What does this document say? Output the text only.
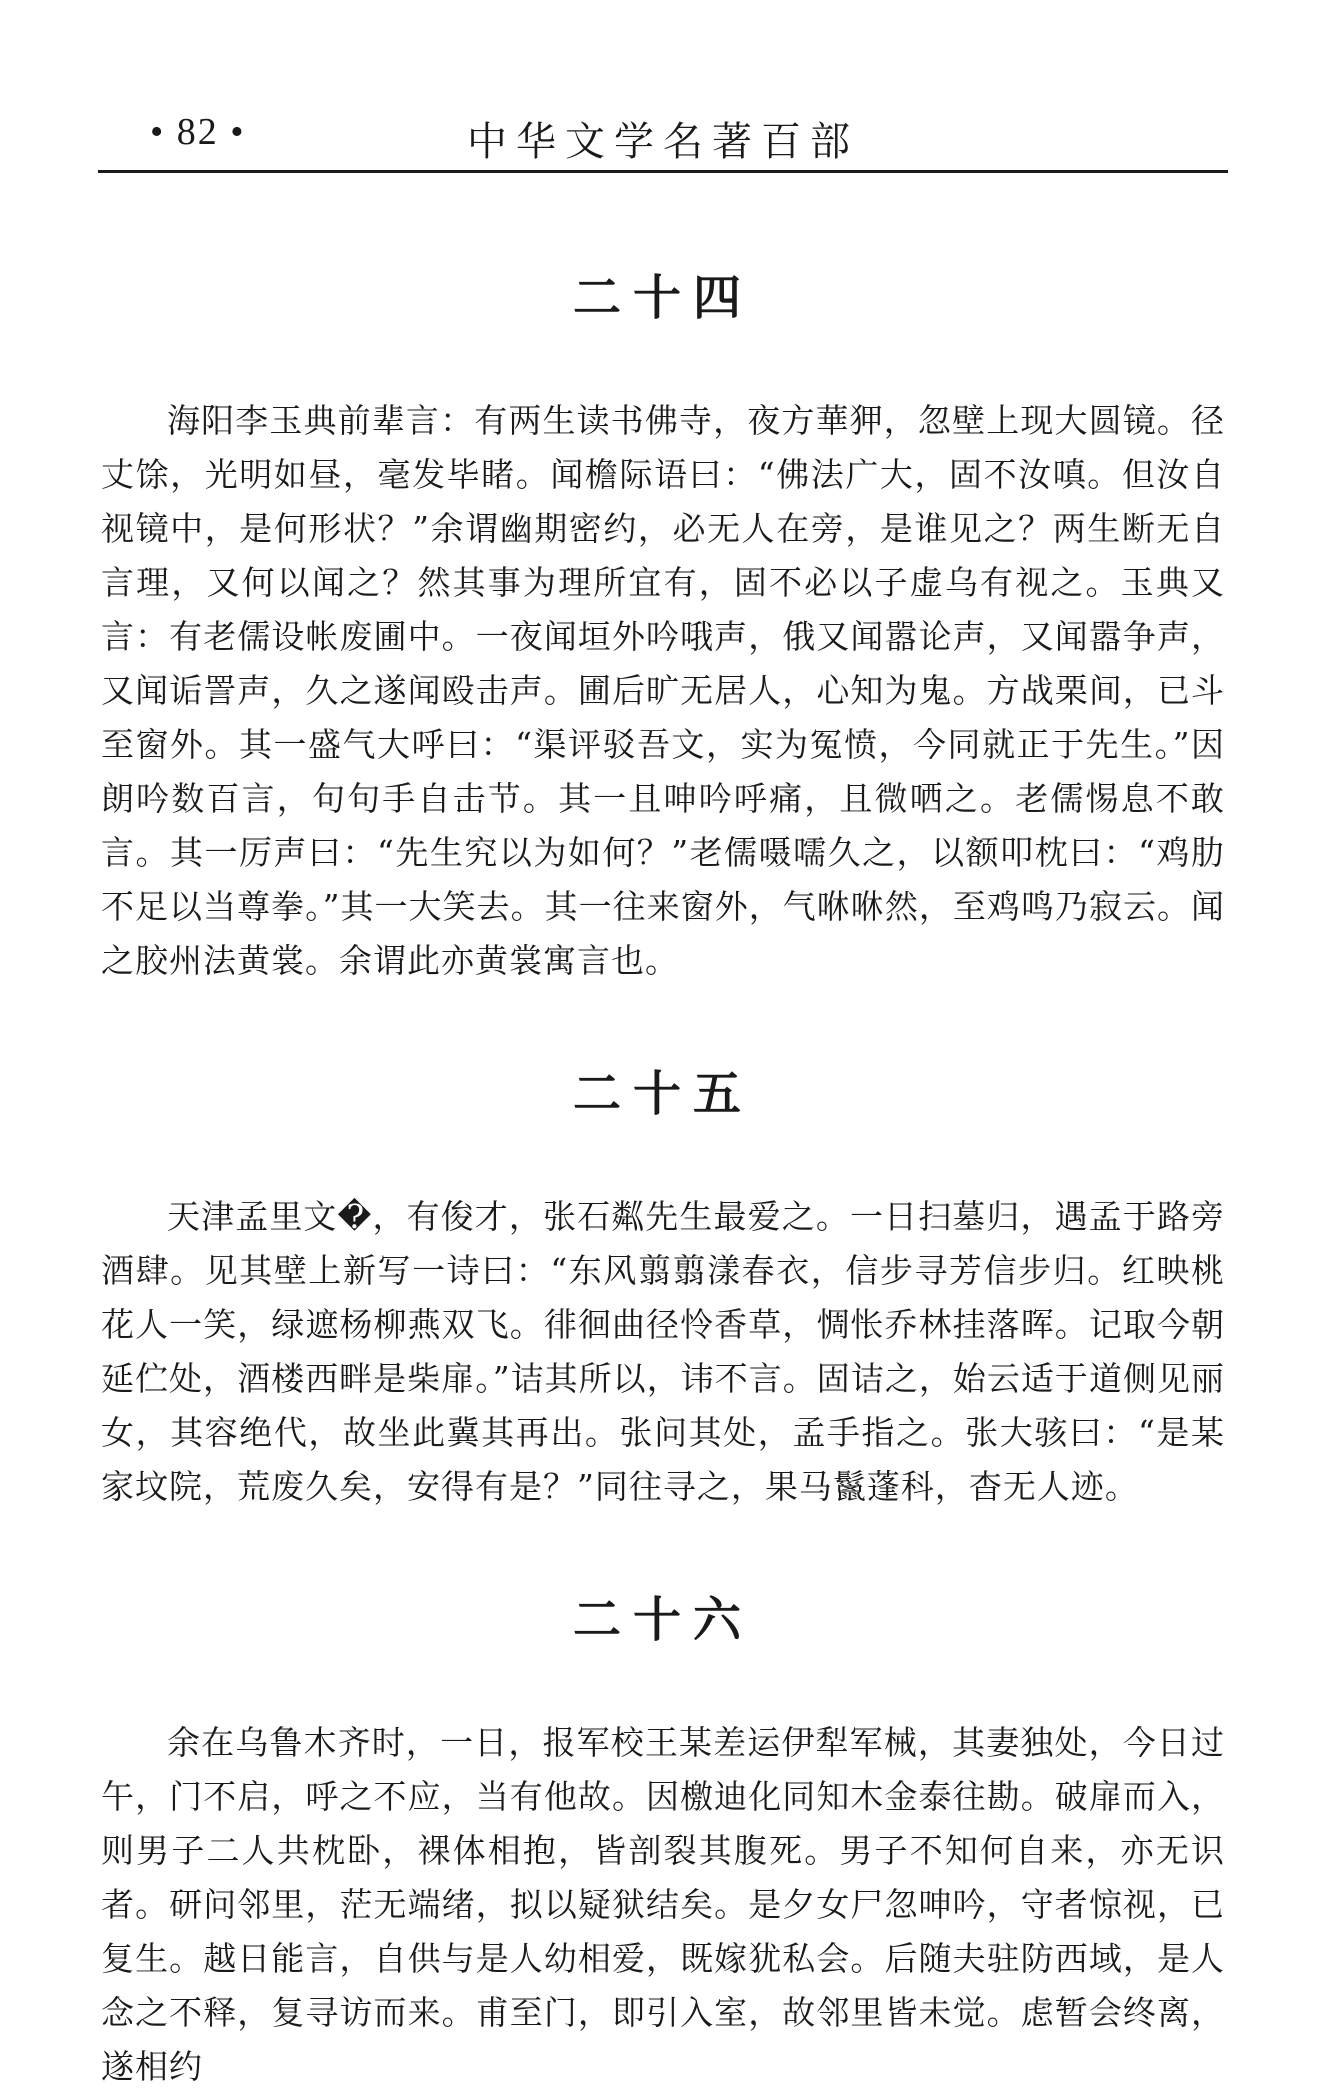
• 82 •	中华文学名著百部
二十四

海阳李玉典前辈言：有两生读书佛寺，夜方華狎，忽壁上现大圆镜。径丈馀，光明如昼，毫发毕睹。闻檐际语曰：“佛法广大，固不汝嗔。但汝自视镜中，是何形状？”余谓幽期密约，必无人在旁，是谁见之？两生断无自言理，又何以闻之？然其事为理所宜有，固不必以子虚乌有视之。玉典又言：有老儒设帐废圃中。一夜闻垣外吟哦声，俄又闻嚣论声，又闻嚣争声，又闻诟詈声，久之遂闻殴击声。圃后旷无居人，心知为鬼。方战栗间，已斗至窗外。其一盛气大呼曰：“渠评驳吾文，实为冤愤，今同就正于先生。”因朗吟数百言，句句手自击节。其一且呻吟呼痛，且微哂之。老儒惕息不敢言。其一厉声曰：“先生究以为如何？”老儒嗫嚅久之，以额叩枕曰：“鸡肋不足以当尊拳。”其一大笑去。其一往来窗外，气咻咻然，至鸡鸣乃寂云。闻之胶州法黄裳。余谓此亦黄裳寓言也。

二十五

天津孟里文�，有俊才，张石粼先生最爱之。一日扫墓归，遇孟于路旁酒肆。见其壁上新写一诗曰：“东风翦翦漾春衣，信步寻芳信步归。红映桃花人一笑，绿遮杨柳燕双飞。徘徊曲径怜香草，惆怅乔林挂落晖。记取今朝延伫处，酒楼西畔是柴扉。”诘其所以，讳不言。固诘之，始云适于道侧见丽女，其容绝代，故坐此冀其再出。张问其处，孟手指之。张大骇曰：“是某家坟院，荒废久矣，安得有是？”同往寻之，果马鬣蓬科，杳无人迹。

二十六

余在乌鲁木齐时，一日，报军校王某差运伊犁军械，其妻独处，今日过午，门不启，呼之不应，当有他故。因檄迪化同知木金泰往勘。破扉而入，则男子二人共枕卧，裸体相抱，皆剖裂其腹死。男子不知何自来，亦无识者。研问邻里，茫无端绪，拟以疑狱结矣。是夕女尸忽呻吟，守者惊视，已复生。越日能言，自供与是人幼相爱，既嫁犹私会。后随夫驻防西域，是人念之不释，复寻访而来。甫至门，即引入室，故邻里皆未觉。虑暂会终离，遂相约
